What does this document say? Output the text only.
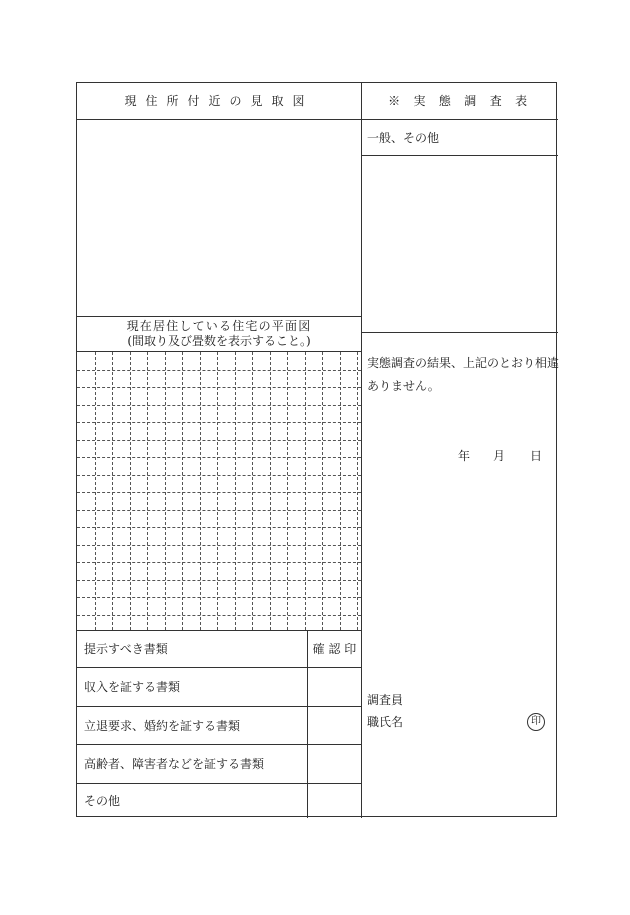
現住所付近の見取図	※ 実 態 調 査 表
一般、その他
実態調査の結果、上記のとおり相違
ありません。
年 月 日
調査員
職氏名	印
現在居住している住宅の平面図
(間取り及び畳数を表示すること。)
提示すべき書類	確 認 印
収入を証する書類
立退要求、婚約を証する書類
高齢者、障害者などを証する書類
その他
